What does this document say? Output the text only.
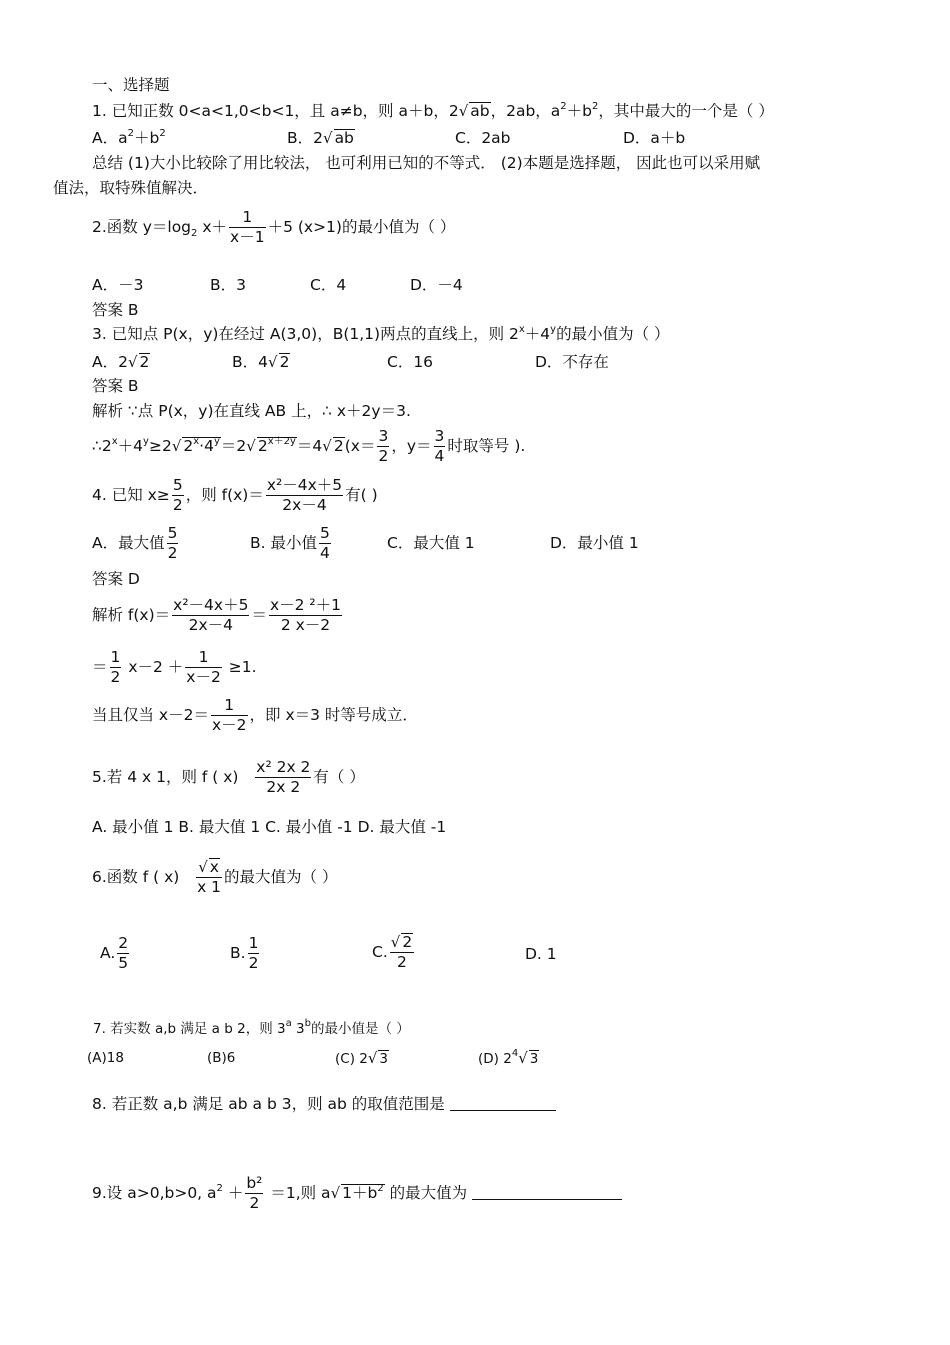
一、选择题
1. 已知正数 0<a<1,0<b<1，且 a≠b，则 a＋b，2√ ab，2ab，$a^2+b^2$，其中最大的一个是（ ）
A．$a^2+b^2$	B．2√ ab	C．2ab	D．a＋b
总结 (1)大小比较除了用比较法， 也可利用已知的不等式． (2)本题是选择题， 因此也可以采用赋
值法，取特殊值解决．
2.函数 $y=\log_2$ $x+ \frac{1}{x-1} +5$ (x>1)的最小值为（ ）
A．－3	B．3	C．4	D．－4
答案 B
3. 已知点 P(x，y)在经过 A(3,0)，B(1,1)两点的直线上，则 $2^x+4^y$的最小值为（ ）
A．2√ 2	B．4√ 2	C．16	D．不存在
答案 B
解析 ∵点 P(x，y)在直线 AB 上，∴ x＋2y＝3.
$\therefore 2^x+4^y\ge 2√$ $2^x\cdot 4^y=2√$ $2^{x+2y}=4√$ $2(x= \frac{3}{2}$ ，$y= \frac{3}{4}$ 时取等号 ).
4. 已知 $x\ge \frac{5}{2}$ ，则 $f(x)= \frac{\text{x²－4x＋5}}{2x-4}$ 有( )
A．最大值 $\frac{5}{2}$	B. 最小值 $\frac{5}{4}$	C．最大值 1	D．最小值 1
答案 D
解析 $f(x)= \frac{\text{x²－4x＋5}}{2x-4} = \frac{\text{x－2 ²＋1}}{2 x-2}$
＝ $\frac{1}{2} x-2 + \frac{1}{x-2} \ge 1$.
当且仅当 $x-2= \frac{1}{x-2}$ ，即 x＝3 时等号成立．
5.若 4 x 1，则 f ( $x) \frac{\text{x² 2x 2}}{2x 2}$ 有（ ）
A. 最小值 1 B. 最大值 1 C. 最小值 -1 D. 最大值 -1
6.函数 f ( $x) \frac{√ x}{x 1}$ 的最大值为（ ）
A. $\frac{2}{5}$	B. $\frac{1}{2}$	C. $\frac{√ 2}{2}$	D. 1
7. 若实数 a,b 满足 a b 2，则 3$^a$ 3$^b$的最小值是（ ）
(A)18	(B)6	(C) 2√ 3	(D) $2^4√$ 3
8. 若正数 a,b 满足 ab a b 3，则 ab 的取值范围是
9.设 a>0,b>0, $a^2 + \frac{\text{b²}}{2} =1$,则 a√ $1+b^2$ 的最大值为
